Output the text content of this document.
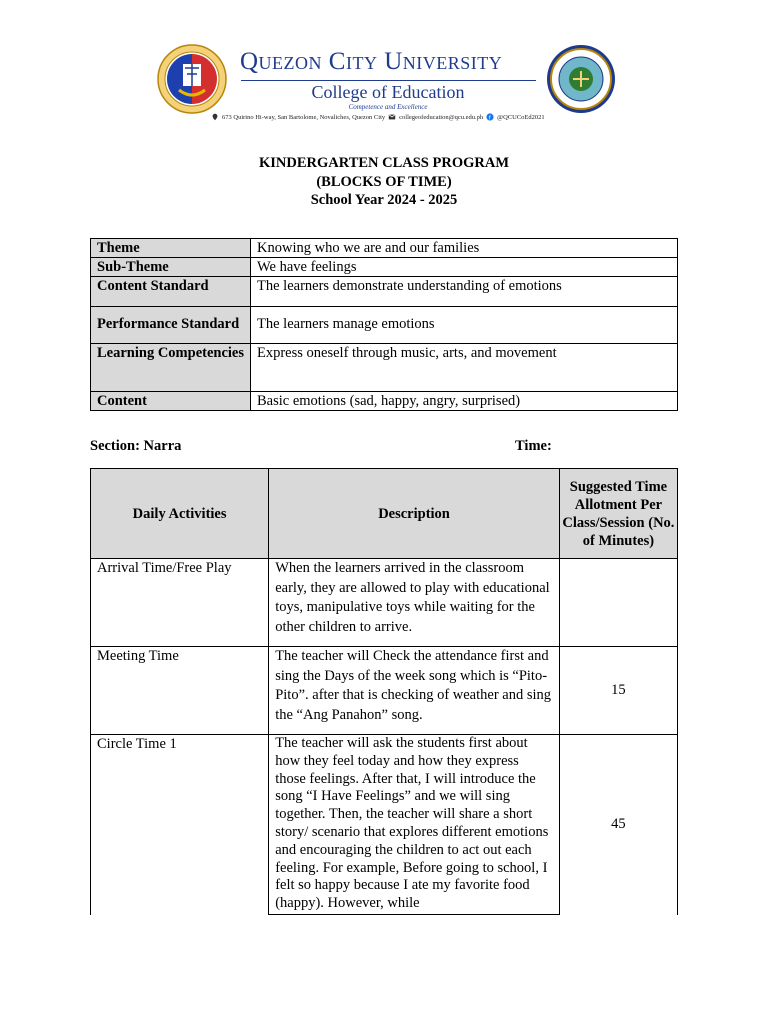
Quezon City University
College of Education
Competence and Excellence
673 Quirino Hi-way, San Bartolome, Novaliches, Quezon City collegeofeducation@qcu.edu.ph f @QCUCoEd2021
KINDERGARTEN CLASS PROGRAM
(BLOCKS OF TIME)
School Year 2024 - 2025
Theme	Knowing who we are and our families
Sub-Theme	We have feelings
Content Standard	The learners demonstrate understanding of emotions
Performance Standard	The learners manage emotions
Learning Competencies	Express oneself through music, arts, and movement
Content	Basic emotions (sad, happy, angry, surprised)
Section: Narra	Time:
Daily Activities	Description	Suggested Time Allotment Per Class/Session (No. of Minutes)
Arrival Time/Free Play	When the learners arrived in the classroom early, they are allowed to play with educational toys, manipulative toys while waiting for the other children to arrive.	
Meeting Time	The teacher will Check the attendance first and sing the Days of the week song which is “Pito-Pito”. after that is checking of weather and sing the “Ang Panahon” song.	15
Circle Time 1	The teacher will ask the students first about how they feel today and how they express those feelings. After that, I will introduce the song “I Have Feelings” and we will sing together. Then, the teacher will share a short story/ scenario that explores different emotions and encouraging the children to act out each feeling. For example, Before going to school, I felt so happy because I ate my favorite food (happy). However, while	45
